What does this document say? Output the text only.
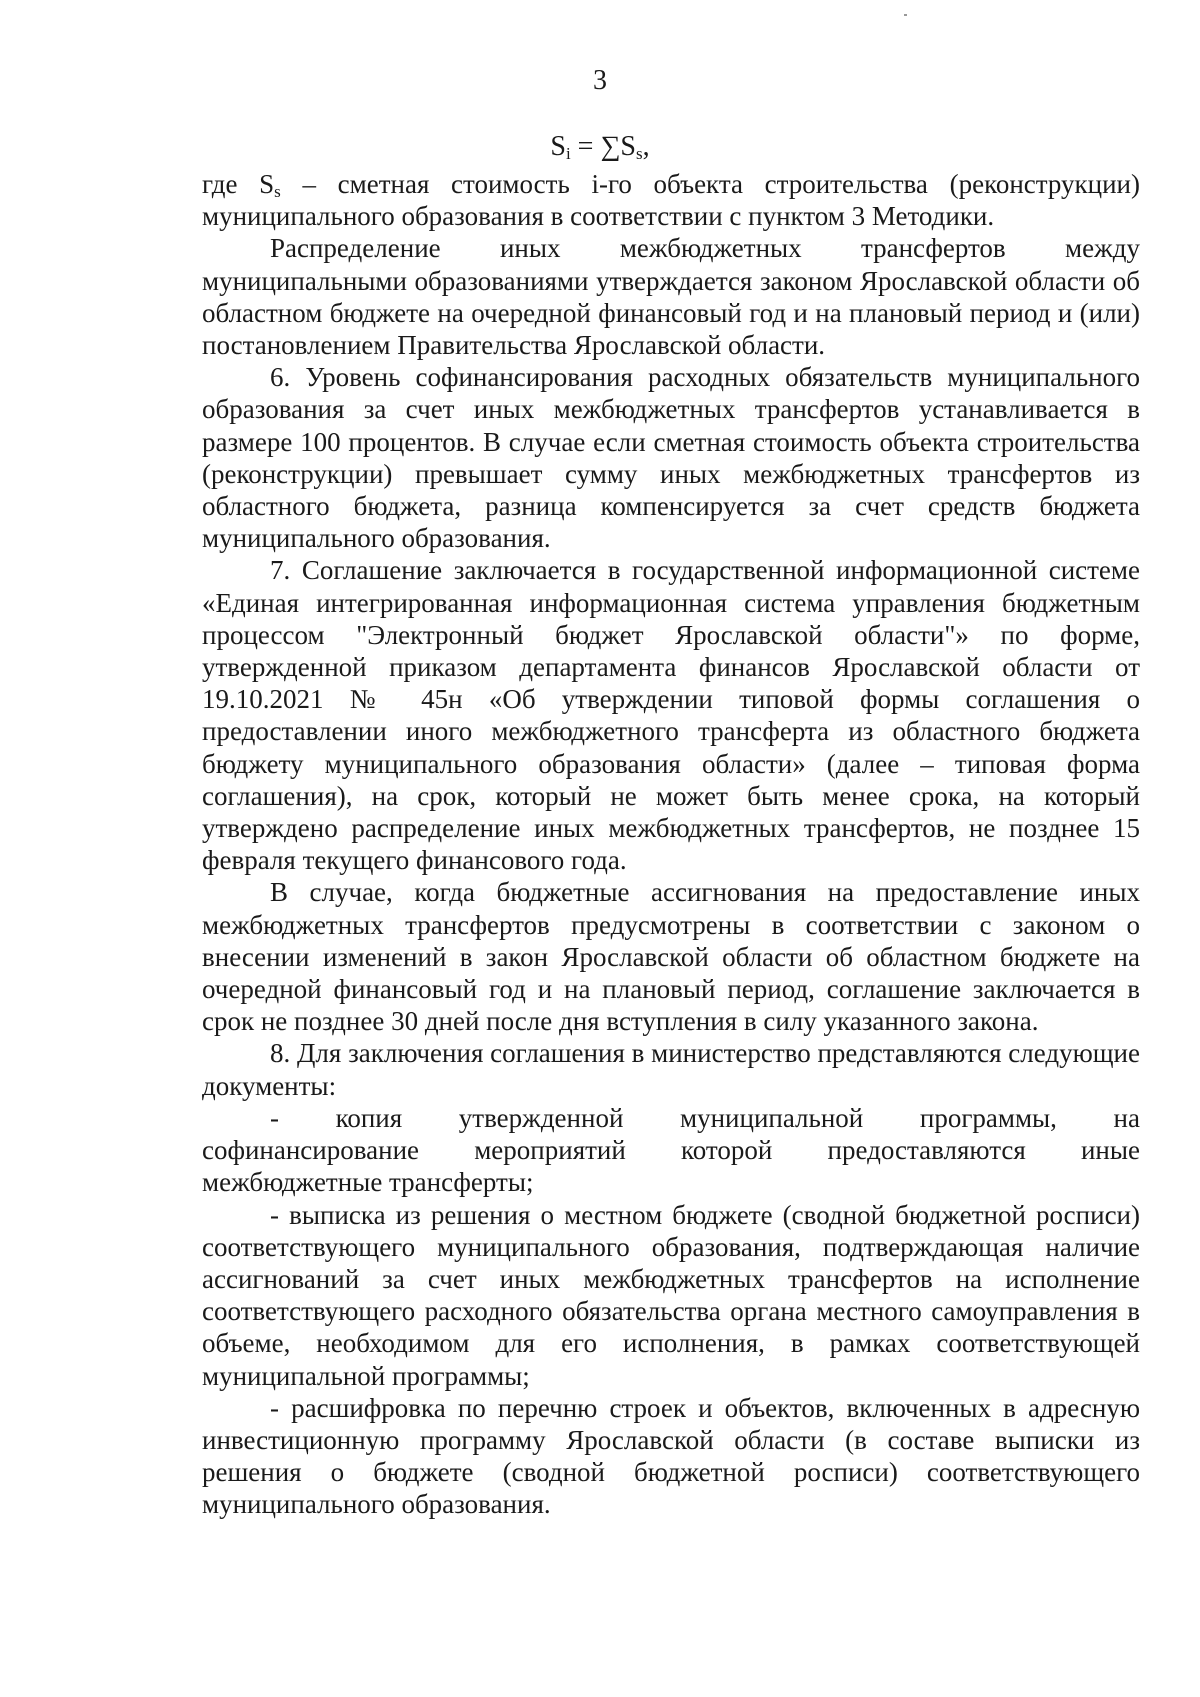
3
$S_i = \sum S_s$,

где $S_s$ – сметная стоимость i-го объекта строительства (реконструкции) муниципального образования в соответствии с пунктом 3 Методики.

Распределение иных межбюджетных трансфертов между

муниципальными образованиями утверждается законом Ярославской области об областном бюджете на очередной финансовый год и на плановый период и (или) постановлением Правительства Ярославской области.

6. Уровень софинансирования расходных обязательств муниципального образования за счет иных межбюджетных трансфертов устанавливается в размере 100 процентов. В случае если сметная стоимость объекта строительства (реконструкции) превышает сумму иных межбюджетных трансфертов из областного бюджета, разница компенсируется за счет средств бюджета муниципального образования.

7. Соглашение заключается в государственной информационной системе «Единая интегрированная информационная система управления бюджетным процессом "Электронный бюджет Ярославской области"» по форме, утвержденной приказом департамента финансов Ярославской области от 19.10.2021 № 45н «Об утверждении типовой формы соглашения о предоставлении иного межбюджетного трансферта из областного бюджета бюджету муниципального образования области» (далее – типовая форма соглашения), на срок, который не может быть менее срока, на который утверждено распределение иных межбюджетных трансфертов, не позднее 15 февраля текущего финансового года.

В случае, когда бюджетные ассигнования на предоставление иных межбюджетных трансфертов предусмотрены в соответствии с законом о внесении изменений в закон Ярославской области об областном бюджете на очередной финансовый год и на плановый период, соглашение заключается в срок не позднее 30 дней после дня вступления в силу указанного закона.

8. Для заключения соглашения в министерство представляются следующие документы:

- копия утвержденной муниципальной программы, на

софинансирование мероприятий которой предоставляются иные

межбюджетные трансферты;

- выписка из решения о местном бюджете (сводной бюджетной росписи) соответствующего муниципального образования, подтверждающая наличие ассигнований за счет иных межбюджетных трансфертов на исполнение соответствующего расходного обязательства органа местного самоуправления в объеме, необходимом для его исполнения, в рамках соответствующей муниципальной программы;

- расшифровка по перечню строек и объектов, включенных в адресную инвестиционную программу Ярославской области (в составе выписки из решения о бюджете (сводной бюджетной росписи) соответствующего муниципального образования.
